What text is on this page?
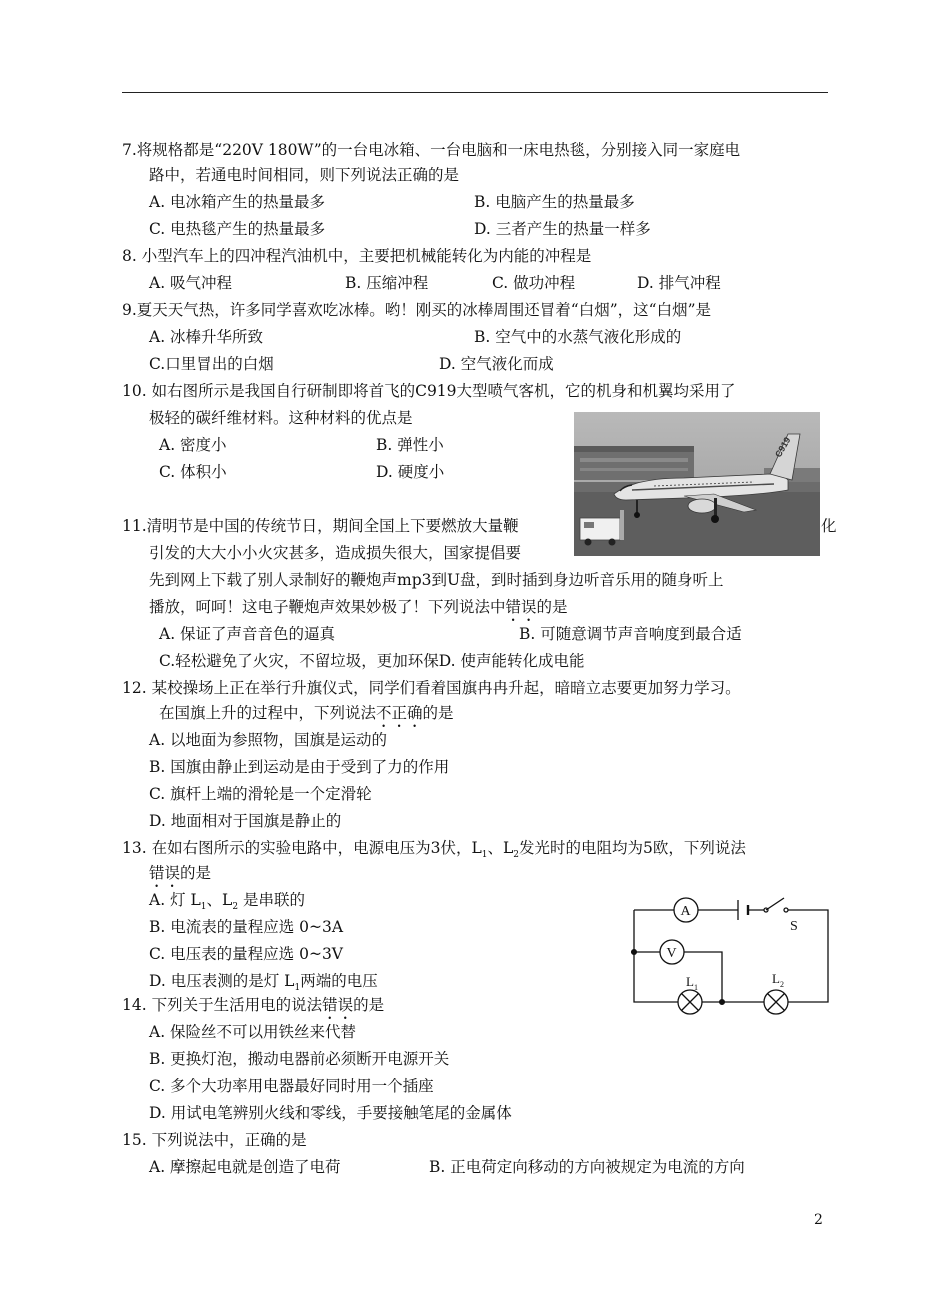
7.将规格都是“220V 180W”的一台电冰箱、一台电脑和一床电热毯，分别接入同一家庭电
路中，若通电时间相同，则下列说法正确的是
A. 电冰箱产生的热量最多	B. 电脑产生的热量最多
C. 电热毯产生的热量最多	D. 三者产生的热量一样多
8. 小型汽车上的四冲程汽油机中，主要把机械能转化为内能的冲程是
A. 吸气冲程	B. 压缩冲程	C. 做功冲程	D. 排气冲程
9.夏天天气热，许多同学喜欢吃冰棒。哟！刚买的冰棒周围还冒着“白烟”，这“白烟”是
A. 冰棒升华所致	B. 空气中的水蒸气液化形成的
C.口里冒出的白烟	D. 空气液化而成
10. 如右图所示是我国自行研制即将首飞的C919大型喷气客机，它的机身和机翼均采用了
极轻的碳纤维材料。这种材料的优点是
A. 密度小	B. 弹性小
C. 体积小	D. 硬度小
11.清明节是中国的传统节日，期间全国上下要燃放大量鞭	化
引发的大大小小火灾甚多，造成损失很大，国家提倡要
C919
先到网上下载了别人录制好的鞭炮声mp3到U盘，到时插到身边听音乐用的随身听上
播放，呵呵！这电子鞭炮声效果妙极了！下列说法中错误的是
A. 保证了声音音色的逼真	B. 可随意调节声音响度到最合适
C.轻松避免了火灾，不留垃圾，更加环保D. 使声能转化成电能
12. 某校操场上正在举行升旗仪式，同学们看着国旗冉冉升起，暗暗立志要更加努力学习。
在国旗上升的过程中，下列说法不正确的是
A. 以地面为参照物，国旗是运动的
B. 国旗由静止到运动是由于受到了力的作用
C. 旗杆上端的滑轮是一个定滑轮
D. 地面相对于国旗是静止的
13. 在如右图所示的实验电路中，电源电压为3伏，$L_1$、$L_2$发光时的电阻均为5欧，下列说法
错误的是
A. 灯 $L_1$、$L_2$ 是串联的
B. 电流表的量程应选 0~3A
C. 电压表的量程应选 0~3V
D. 电压表测的是灯 $L_1$两端的电压
A
S
V
$L_1$
$L_2$
14. 下列关于生活用电的说法错误的是
A. 保险丝不可以用铁丝来代替
B. 更换灯泡，搬动电器前必须断开电源开关
C. 多个大功率用电器最好同时用一个插座
D. 用试电笔辨别火线和零线，手要接触笔尾的金属体
15. 下列说法中，正确的是
A. 摩擦起电就是创造了电荷	B. 正电荷定向移动的方向被规定为电流的方向
2
